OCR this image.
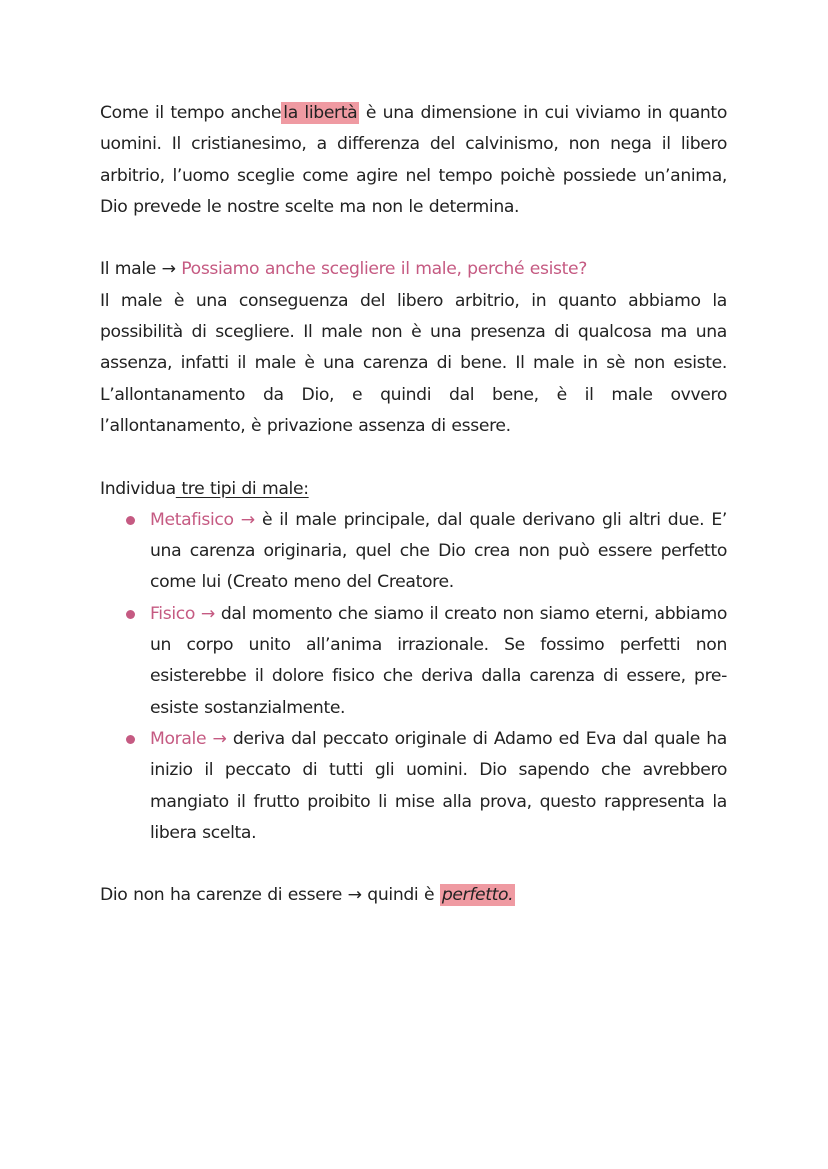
Come il tempo anche la libertà è una dimensione in cui viviamo in quanto uomini. Il cristianesimo, a differenza del calvinismo, non nega il libero arbitrio, l’uomo sceglie come agire nel tempo poichè possiede un’anima, Dio prevede le nostre scelte ma non le determina.

Il male → Possiamo anche scegliere il male, perché esiste?

Il male è una conseguenza del libero arbitrio, in quanto abbiamo la possibilità di scegliere. Il male non è una presenza di qualcosa ma una assenza, infatti il male è una carenza di bene. Il male in sè non esiste. L’allontanamento da Dio, e quindi dal bene, è il male ovvero l’allontanamento, è privazione assenza di essere.

Individua tre tipi di male:

Metafisico → è il male principale, dal quale derivano gli altri due. E’ una carenza originaria, quel che Dio crea non può essere perfetto come lui (Creato meno del Creatore.
Fisico → dal momento che siamo il creato non siamo eterni, abbiamo un corpo unito all’anima irrazionale. Se fossimo perfetti non esisterebbe il dolore fisico che deriva dalla carenza di essere, pre-esiste sostanzialmente.
Morale → deriva dal peccato originale di Adamo ed Eva dal quale ha inizio il peccato di tutti gli uomini. Dio sapendo che avrebbero mangiato il frutto proibito li mise alla prova, questo rappresenta la libera scelta.

Dio non ha carenze di essere → quindi è perfetto.
